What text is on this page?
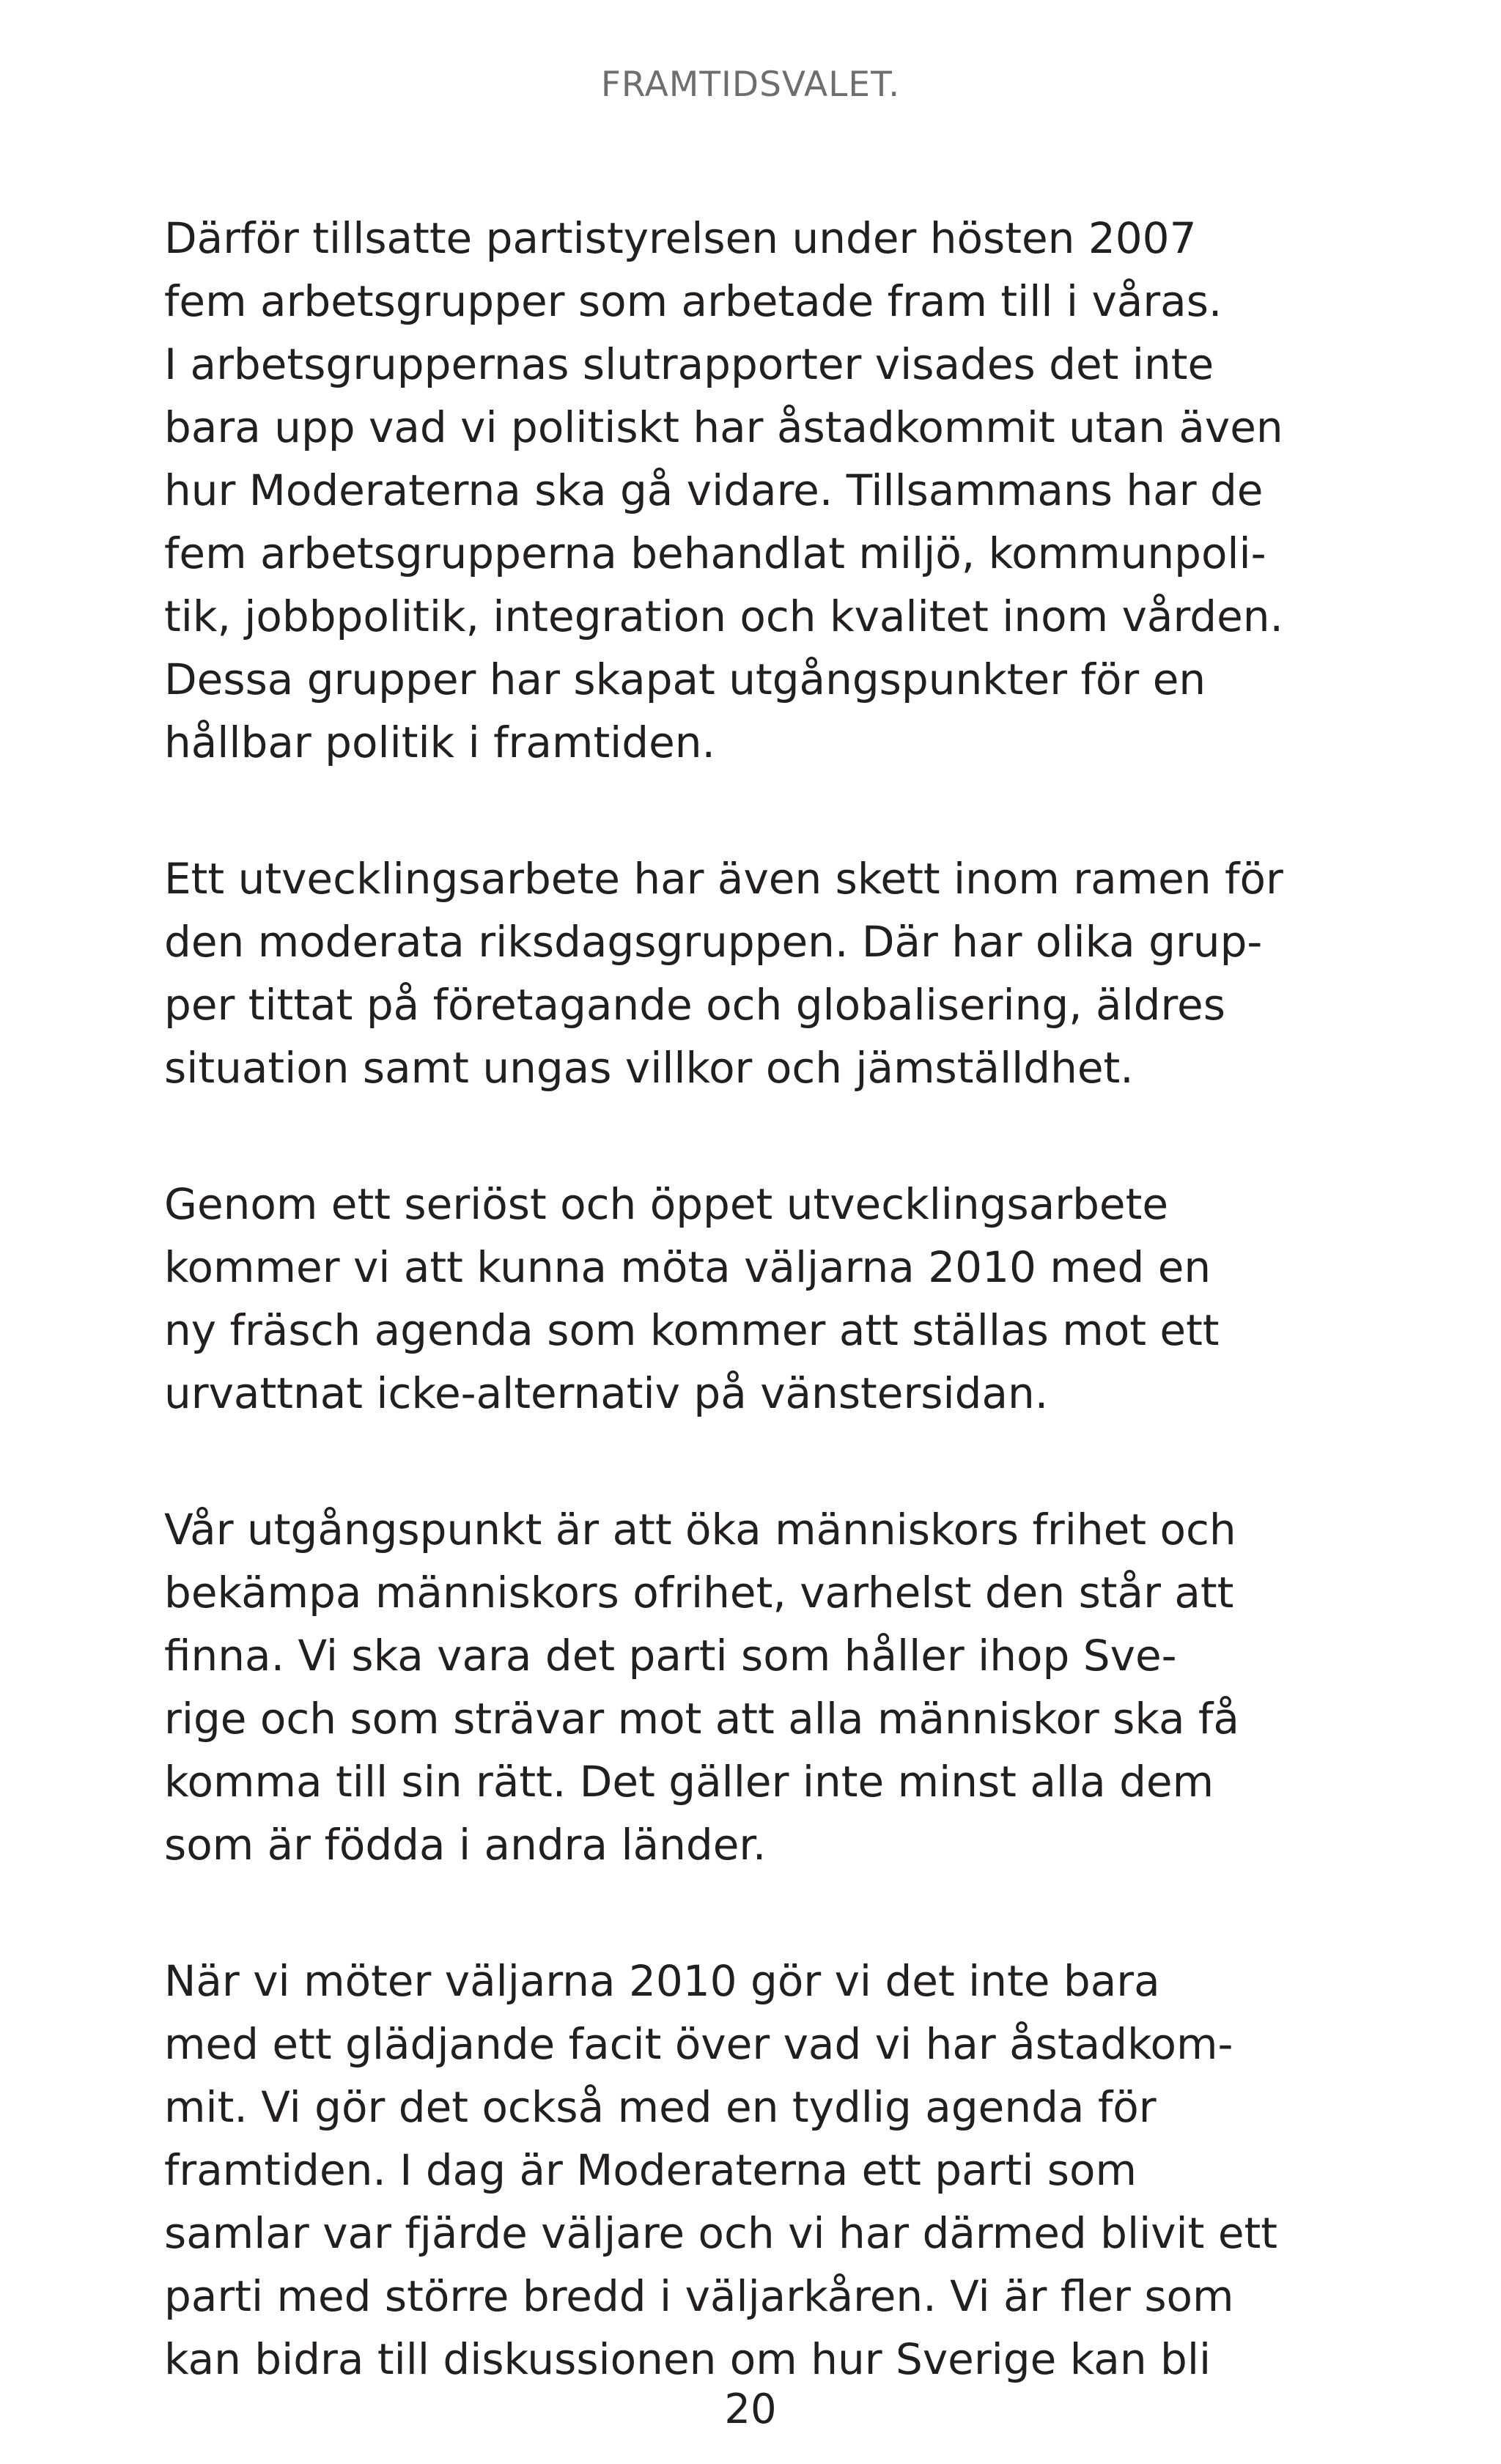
FRAMTIDSVALET.

Därför tillsatte partistyrelsen under hösten 2007
fem arbetsgrupper som arbetade fram till i våras.
I arbetsgruppernas slutrapporter visades det inte
bara upp vad vi politiskt har åstadkommit utan även
hur Moderaterna ska gå vidare. Tillsammans har de
fem arbetsgrupperna behandlat miljö, kommunpoli-
tik, jobbpolitik, integration och kvalitet inom vården.
Dessa grupper har skapat utgångspunkter för en
hållbar politik i framtiden.

Ett utvecklingsarbete har även skett inom ramen för
den moderata riksdagsgruppen. Där har olika grup-
per tittat på företagande och globalisering, äldres
situation samt ungas villkor och jämställdhet.

Genom ett seriöst och öppet utvecklingsarbete
kommer vi att kunna möta väljarna 2010 med en
ny fräsch agenda som kommer att ställas mot ett
urvattnat icke-alternativ på vänstersidan.

Vår utgångspunkt är att öka människors frihet och
bekämpa människors ofrihet, varhelst den står att
finna. Vi ska vara det parti som håller ihop Sve-
rige och som strävar mot att alla människor ska få
komma till sin rätt. Det gäller inte minst alla dem
som är födda i andra länder.

När vi möter väljarna 2010 gör vi det inte bara
med ett glädjande facit över vad vi har åstadkom-
mit. Vi gör det också med en tydlig agenda för
framtiden. I dag är Moderaterna ett parti som
samlar var fjärde väljare och vi har därmed blivit ett
parti med större bredd i väljarkåren. Vi är fler som
kan bidra till diskussionen om hur Sverige kan bli

20
